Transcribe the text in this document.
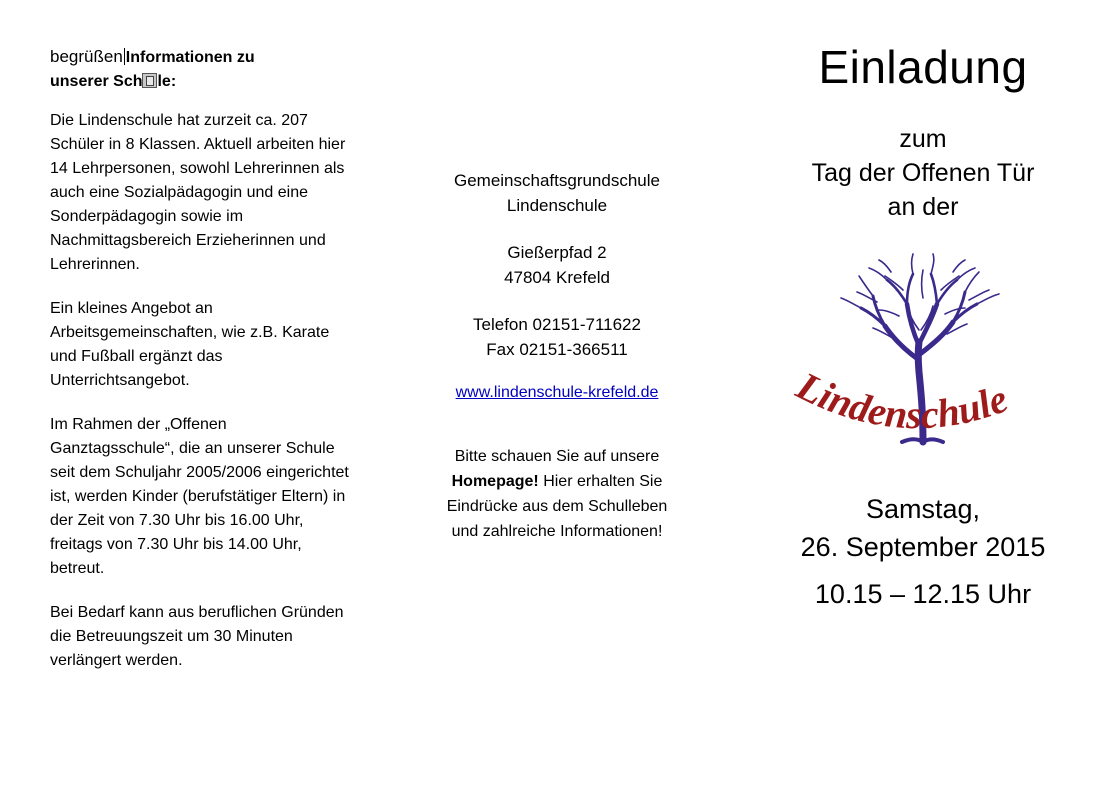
begrüßen Informationen zu

unserer Sch le:

Die Lindenschule hat zurzeit ca. 207 Schüler in 8 Klassen. Aktuell arbeiten hier 14 Lehrpersonen, sowohl Lehrerinnen als auch eine Sozialpädagogin und eine Sonderpädagogin sowie im Nachmittagsbereich Erzieherinnen und Lehrerinnen.

Ein kleines Angebot an Arbeitsgemeinschaften, wie z.B. Karate und Fußball ergänzt das Unterrichtsangebot.

Im Rahmen der „Offenen Ganztagsschule“, die an unserer Schule seit dem Schuljahr 2005/2006 eingerichtet ist, werden Kinder (berufstätiger Eltern) in der Zeit von 7.30 Uhr bis 16.00 Uhr, freitags von 7.30 Uhr bis 14.00 Uhr, betreut.

Bei Bedarf kann aus beruflichen Gründen die Betreuungszeit um 30 Minuten verlängert werden.

Gemeinschaftsgrundschule
Lindenschule

Gießerpfad 2
47804 Krefeld

Telefon 02151-711622
Fax 02151-366511

www.lindenschule-krefeld.de

Bitte schauen Sie auf unsere
Homepage! Hier erhalten Sie
Eindrücke aus dem Schulleben
und zahlreiche Informationen!

Einladung

zum

Tag der Offenen Tür

an der

Lindenschule

Samstag,

26. September 2015

10.15 – 12.15 Uhr
